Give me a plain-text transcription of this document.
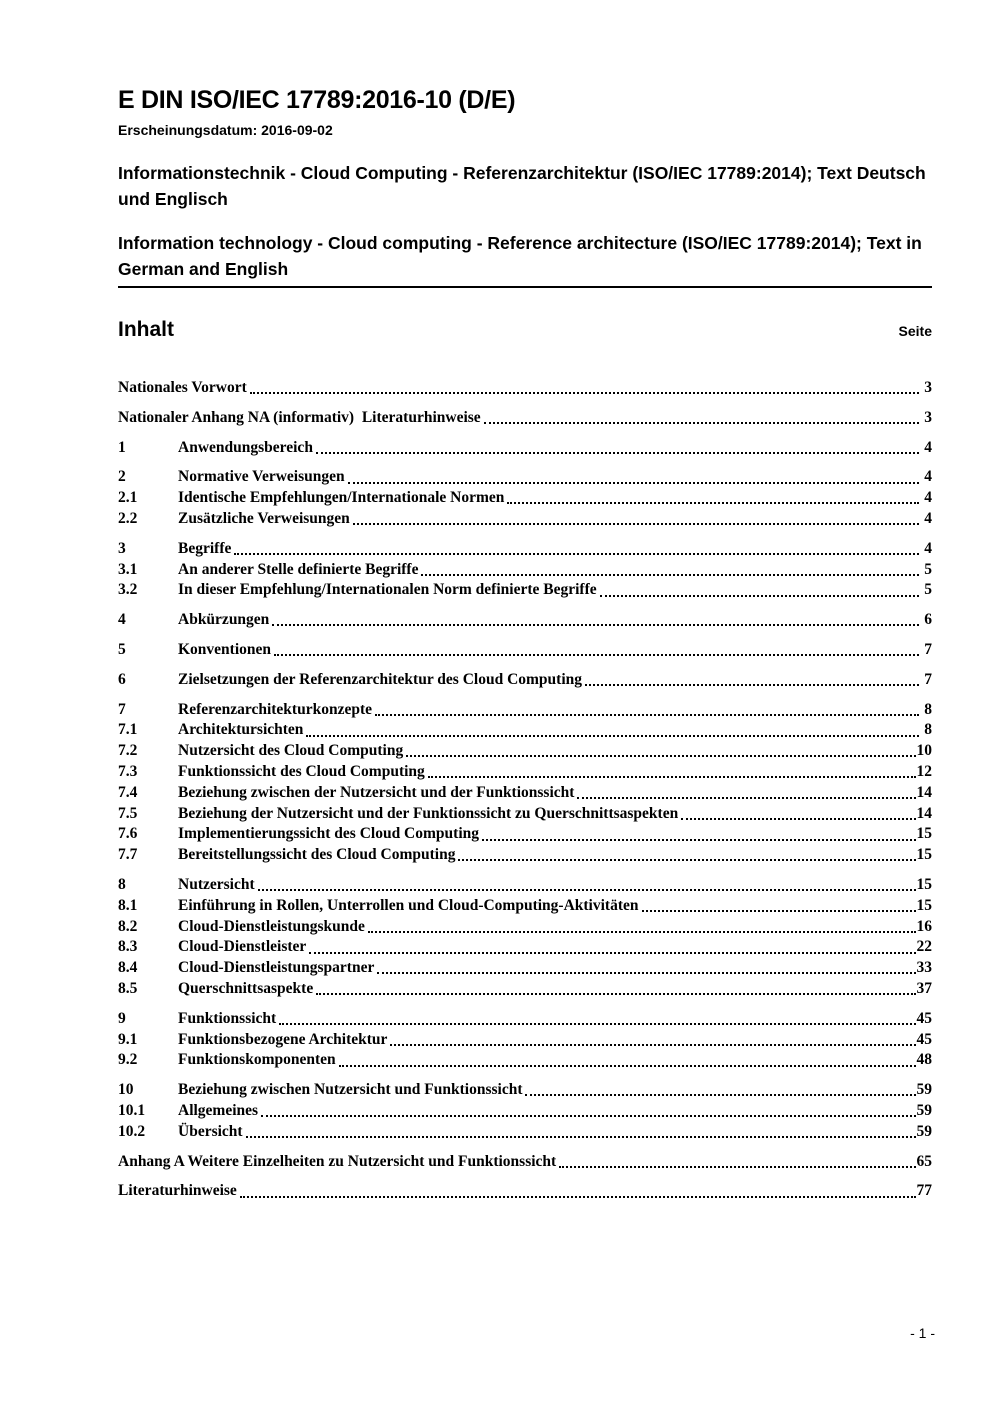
E DIN ISO/IEC 17789:2016-10 (D/E)
Erscheinungsdatum: 2016-09-02
Informationstechnik - Cloud Computing - Referenzarchitektur (ISO/IEC 17789:2014); Text Deutsch und Englisch
Information technology - Cloud computing - Reference architecture (ISO/IEC 17789:2014); Text in German and English
Inhalt	Seite
Nationales Vorwort	3
Nationaler Anhang NA (informativ)  Literaturhinweise	3
1	Anwendungsbereich	4
2	Normative Verweisungen	4
2.1	Identische Empfehlungen/Internationale Normen	4
2.2	Zusätzliche Verweisungen	4
3	Begriffe	4
3.1	An anderer Stelle definierte Begriffe	5
3.2	In dieser Empfehlung/Internationalen Norm definierte Begriffe	5
4	Abkürzungen	6
5	Konventionen	7
6	Zielsetzungen der Referenzarchitektur des Cloud Computing	7
7	Referenzarchitekturkonzepte	8
7.1	Architektursichten	8
7.2	Nutzersicht des Cloud Computing	10
7.3	Funktionssicht des Cloud Computing	12
7.4	Beziehung zwischen der Nutzersicht und der Funktionssicht	14
7.5	Beziehung der Nutzersicht und der Funktionssicht zu Querschnittsaspekten	14
7.6	Implementierungssicht des Cloud Computing	15
7.7	Bereitstellungssicht des Cloud Computing	15
8	Nutzersicht	15
8.1	Einführung in Rollen, Unterrollen und Cloud-Computing-Aktivitäten	15
8.2	Cloud-Dienstleistungskunde	16
8.3	Cloud-Dienstleister	22
8.4	Cloud-Dienstleistungspartner	33
8.5	Querschnittsaspekte	37
9	Funktionssicht	45
9.1	Funktionsbezogene Architektur	45
9.2	Funktionskomponenten	48
10	Beziehung zwischen Nutzersicht und Funktionssicht	59
10.1	Allgemeines	59
10.2	Übersicht	59
Anhang A Weitere Einzelheiten zu Nutzersicht und Funktionssicht	65
Literaturhinweise	77
- 1 -
